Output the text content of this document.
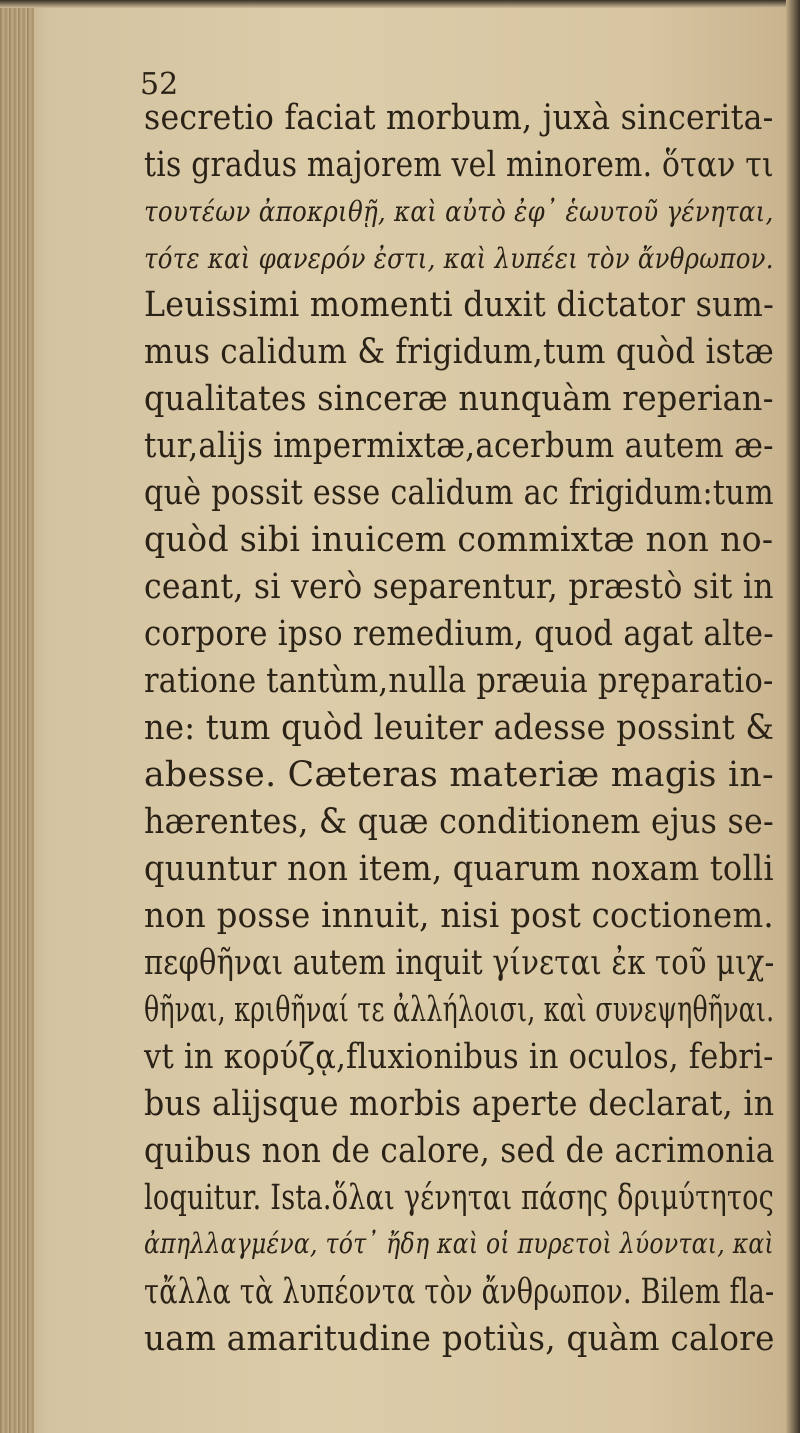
52
secretio faciat morbum, juxà sincerita-
tis gradus majorem vel minorem. ὅταν τι
τουτέων ἀποκριθῇ, καὶ αὐτὸ ἐφ᾽ ἑωυτοῦ γένηται,
τότε καὶ φανερόν ἐστι, καὶ λυπέει τὸν ἄνθρωπον.
Leuissimi momenti duxit dictator sum-
mus calidum & frigidum,tum quòd istæ
qualitates sinceræ nunquàm reperian-
tur,alijs impermixtæ,acerbum autem æ-
què possit esse calidum ac frigidum:tum
quòd sibi inuicem commixtæ non no-
ceant, si verò separentur, præstò sit in
corpore ipso remedium, quod agat alte-
ratione tantùm,nulla præuia pręparatio-
ne: tum quòd leuiter adesse possint &
abesse. Cæteras materiæ magis in-
hærentes, & quæ conditionem ejus se-
quuntur non item, quarum noxam tolli
non posse innuit, nisi post coctionem.
πεφθῆναι autem inquit γίνεται ἐκ τοῦ μιχ-
θῆναι, κριθῆναί τε ἀλλήλοισι, καὶ συνεψηθῆναι.
vt in κορύζᾳ,fluxionibus in oculos, febri-
bus alijsque morbis aperte declarat, in
quibus non de calore, sed de acrimonia
loquitur. Ista.ὅλαι γένηται πάσης δριμύτητος
ἀπηλλαγμένα, τότ᾽ ἤδη καὶ οἱ πυρετοὶ λύονται, καὶ
τἄλλα τὰ λυπέοντα τὸν ἄνθρωπον. Bilem fla-
uam amaritudine potiùs, quàm calore
